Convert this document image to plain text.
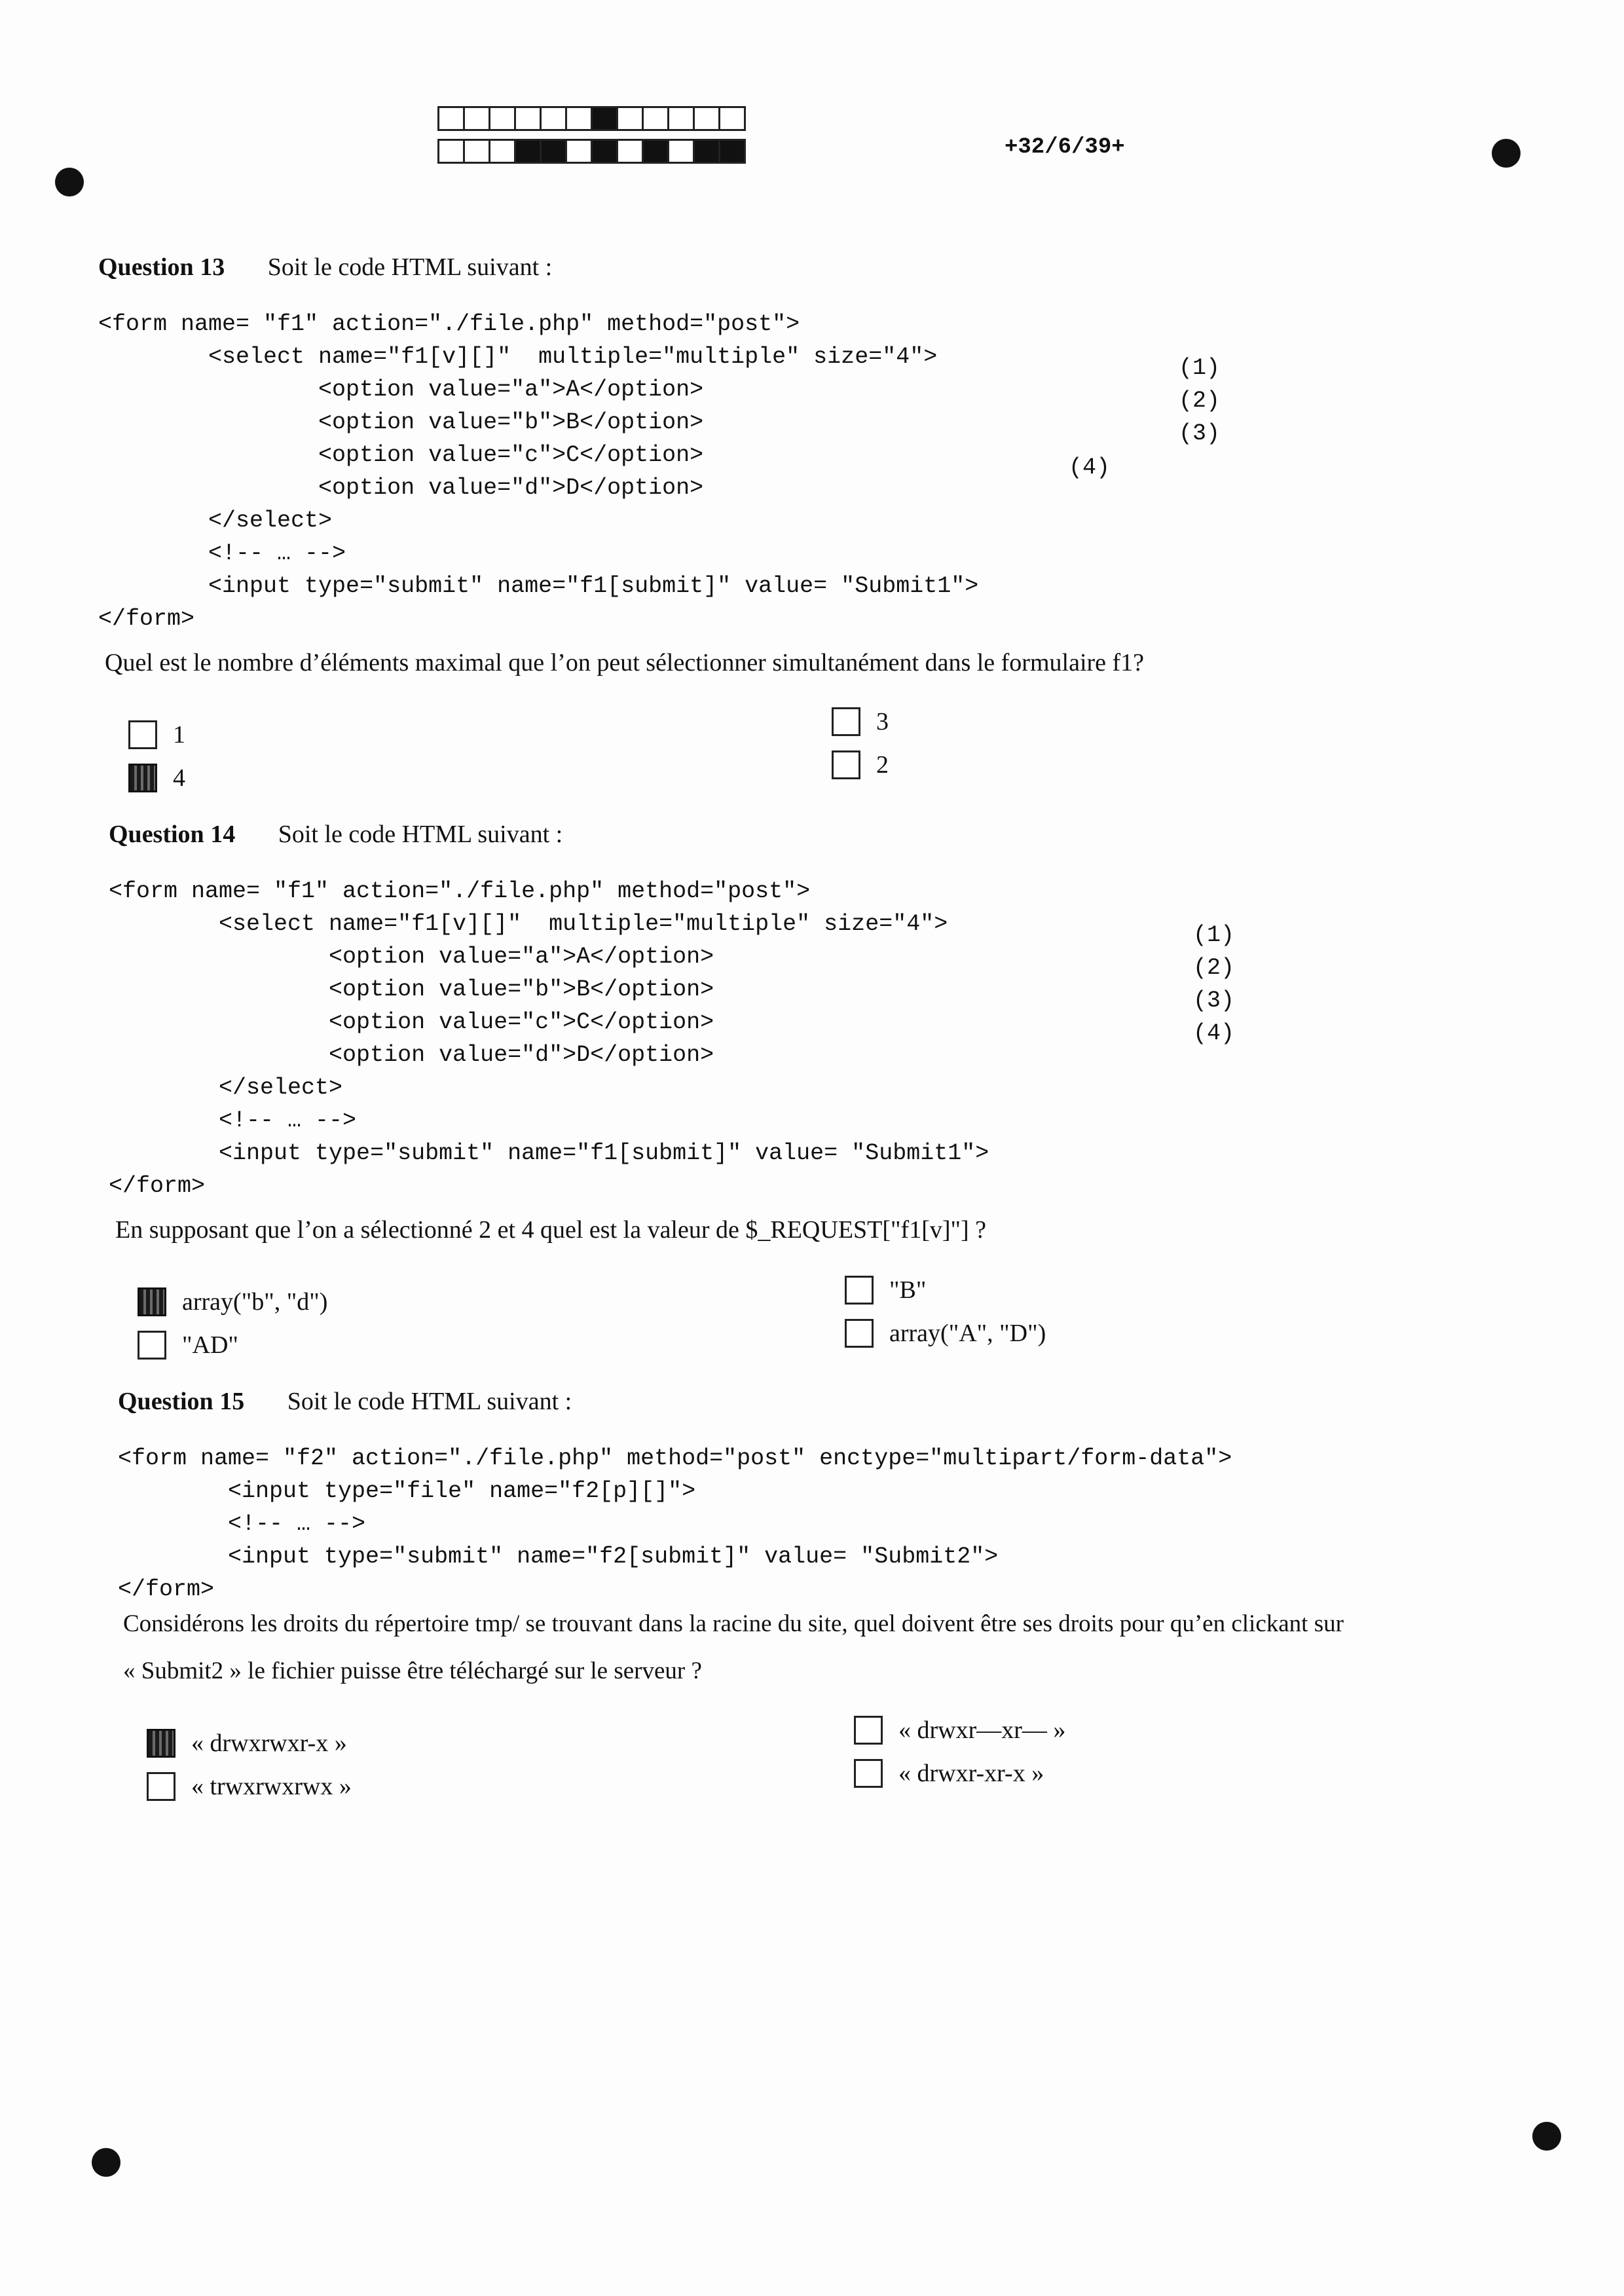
+32/6/39+
Question 13 Soit le code HTML suivant :
<form name= "f1" action="./file.php" method="post">
<select name="f1[v][]"  multiple="multiple" size="4">
<option value="a">A</option>
<option value="b">B</option>
<option value="c">C</option>
<option value="d">D</option>
</select>
<!-- … -->
<input type="submit" name="f1[submit]" value= "Submit1">
</form>
(1)
(2)
(3)
(4)
Quel est le nombre d’éléments maximal que l’on peut sélectionner simultanément dans le formulaire f1?
1
4
3
2
Question 14 Soit le code HTML suivant :
<form name= "f1" action="./file.php" method="post">
<select name="f1[v][]"  multiple="multiple" size="4">
<option value="a">A</option>
<option value="b">B</option>
<option value="c">C</option>
<option value="d">D</option>
</select>
<!-- … -->
<input type="submit" name="f1[submit]" value= "Submit1">
</form>
(1)
(2)
(3)
(4)
En supposant que l’on a sélectionné 2 et 4 quel est la valeur de $_REQUEST["f1[v]"] ?
array("b", "d")
"AD"
"B"
array("A", "D")
Question 15 Soit le code HTML suivant :
<form name= "f2" action="./file.php" method="post" enctype="multipart/form-data">
<input type="file" name="f2[p][]">
<!-- … -->
<input type="submit" name="f2[submit]" value= "Submit2">
</form>
Considérons les droits du répertoire tmp/ se trouvant dans la racine du site, quel doivent être ses droits pour qu’en clickant sur
« Submit2 » le fichier puisse être téléchargé sur le serveur ?
« drwxrwxr-x »
« trwxrwxrwx »
« drwxr—xr— »
« drwxr-xr-x »
